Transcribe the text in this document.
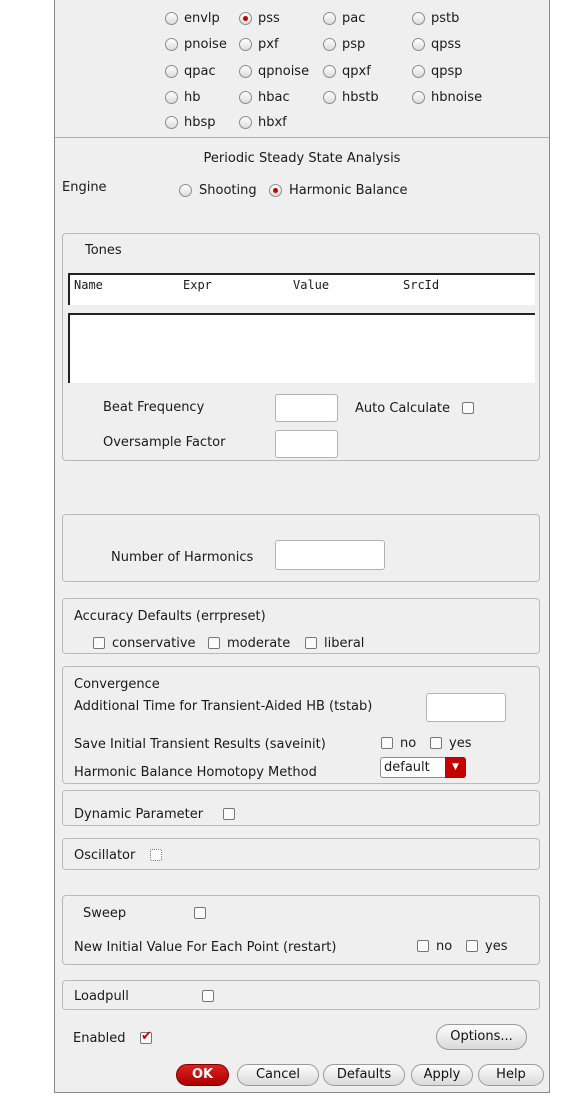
envlp	pss	pac	pstb
pnoise pxf	psp	qpss
qpac	qpnoise	qpxf	qpsp
hb	hbac	hbstb	hbnoise
hbsp	hbxf
Periodic Steady State Analysis
Engine	Shooting Harmonic Balance
Tones
Name	Expr	Value	SrcId
Beat Frequency	Auto Calculate
Oversample Factor
Number of Harmonics
Accuracy Defaults (errpreset)
conservative moderate	liberal
Convergence
Additional Time for Transient-Aided HB (tstab)
Save Initial Transient Results (saveinit)	no	yes
Harmonic Balance Homotopy Method	default	▼
Dynamic Parameter
Oscillator
Sweep
New Initial Value For Each Point (restart)	no	yes
Loadpull
Enabled
✔	Options...
OK	Cancel	Defaults	Apply	Help
